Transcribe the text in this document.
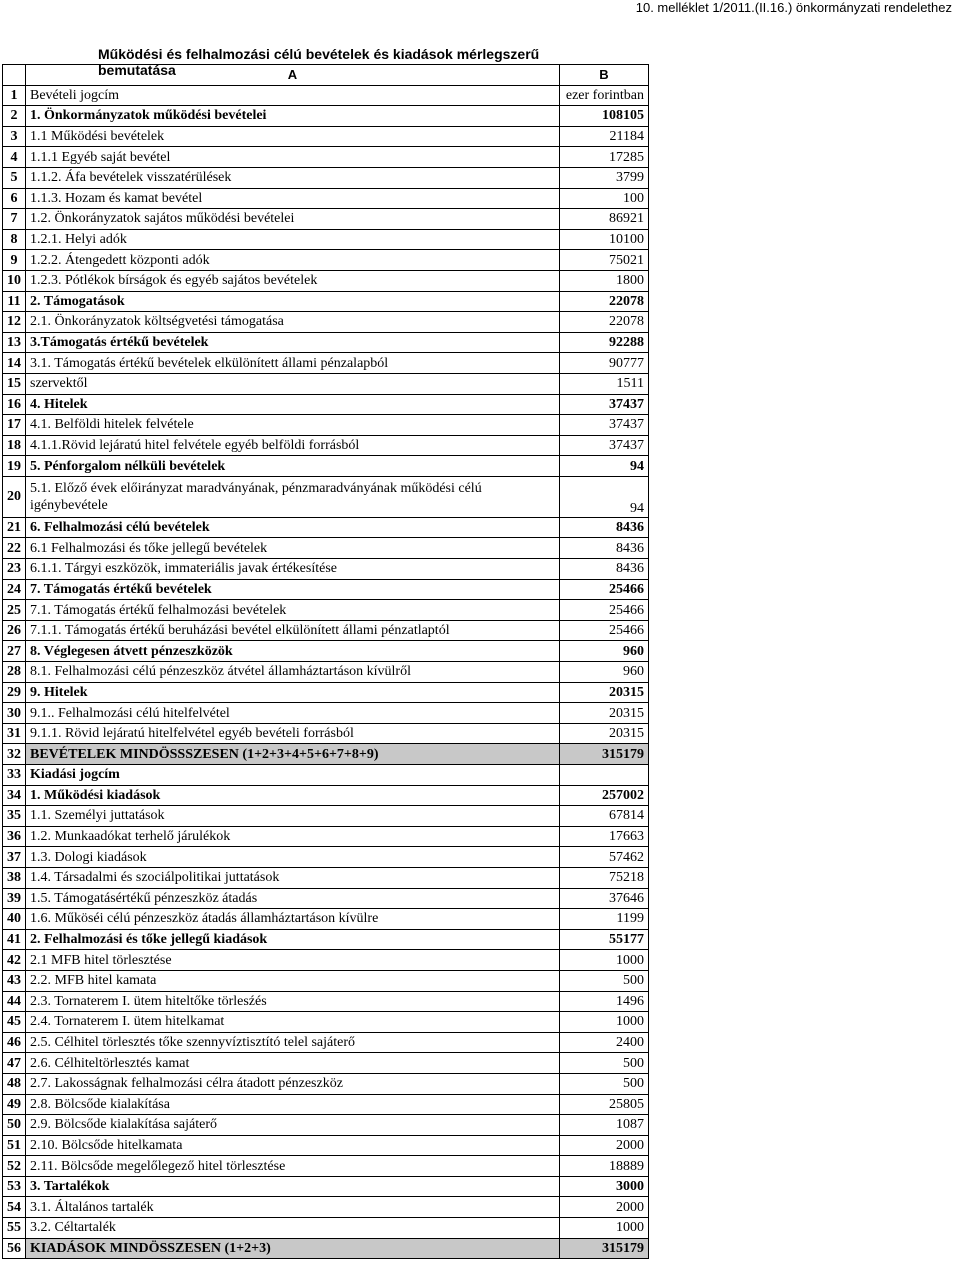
10. melléklet 1/2011.(II.16.) önkormányzati rendelethez
Működési és felhalmozási célú bevételek és kiadások mérlegszerű bemutatása
		A	B
1	Bevételi jogcím	ezer forintban
2	1. Önkormányzatok működési bevételei	108105
3	1.1 Működési bevételek	21184
4	1.1.1 Egyéb saját bevétel	17285
5	1.1.2. Áfa bevételek visszatérülések	3799
6	1.1.3. Hozam és kamat bevétel	100
7	1.2. Önkorányzatok sajátos működési bevételei	86921
8	1.2.1. Helyi adók	10100
9	1.2.2. Átengedett központi adók	75021
10	1.2.3. Pótlékok bírságok és egyéb sajátos bevételek	1800
11	2. Támogatások	22078
12	2.1. Önkorányzatok költségvetési támogatása	22078
13	3.Támogatás értékű bevételek	92288
14	3.1. Támogatás értékű bevételek elkülönített állami pénzalapból	90777
15	szervektől	1511
16	4. Hitelek	37437
17	4.1. Belföldi hitelek felvétele	37437
18	4.1.1.Rövid lejáratú hitel felvétele egyéb belföldi forrásból	37437
19	5. Pénforgalom nélküli bevételek	94
20	5.1. Előző évek előirányzat maradványának, pénzmaradványának működési célú igénybevétele	94
21	6. Felhalmozási célú bevételek	8436
22	6.1 Felhalmozási és tőke jellegű bevételek	8436
23	6.1.1. Tárgyi eszközök, immateriális javak értékesítése	8436
24	7. Támogatás értékű bevételek	25466
25	7.1. Támogatás értékű felhalmozási bevételek	25466
26	7.1.1. Támogatás értékű beruházási bevétel elkülönített állami pénzatlaptól	25466
27	8. Véglegesen átvett pénzeszközök	960
28	8.1. Felhalmozási célú pénzeszköz átvétel államháztartáson kívülről	960
29	9. Hitelek	20315
30	9.1.. Felhalmozási célú hitelfelvétel	20315
31	9.1.1. Rövid lejáratú hitelfelvétel egyéb bevételi forrásból	20315
32	BEVÉTELEK MINDÖSSSZESEN (1+2+3+4+5+6+7+8+9)	315179
33	Kiadási jogcím	
34	1. Működési kiadások	257002
35	1.1. Személyi juttatások	67814
36	1.2. Munkaadókat terhelő járulékok	17663
37	1.3. Dologi kiadások	57462
38	1.4. Társadalmi és szociálpolitikai juttatások	75218
39	1.5. Támogatásértékű pénzeszköz átadás	37646
40	1.6. Műköséi célú pénzeszköz átadás államháztartáson kívülre	1199
41	2. Felhalmozási és tőke jellegű kiadások	55177
42	2.1 MFB hitel törlesztése	1000
43	2.2. MFB hitel kamata	500
44	2.3. Tornaterem I. ütem hiteltőke törlesźés	1496
45	2.4. Tornaterem I. ütem hitelkamat	1000
46	2.5. Célhitel törlesztés tőke szennyvíztisztító telel sajáterő	2400
47	2.6. Célhiteltörlesztés kamat	500
48	2.7. Lakosságnak felhalmozási célra átadott pénzeszköz	500
49	2.8. Bölcsőde kialakítása	25805
50	2.9. Bölcsőde kialakítása sajáterő	1087
51	2.10. Bölcsőde hitelkamata	2000
52	2.11. Bölcsőde megelőlegező hitel törlesztése	18889
53	3. Tartalékok	3000
54	3.1. Általános tartalék	2000
55	3.2. Céltartalék	1000
56	KIADÁSOK MINDÖSSZESEN (1+2+3)	315179
